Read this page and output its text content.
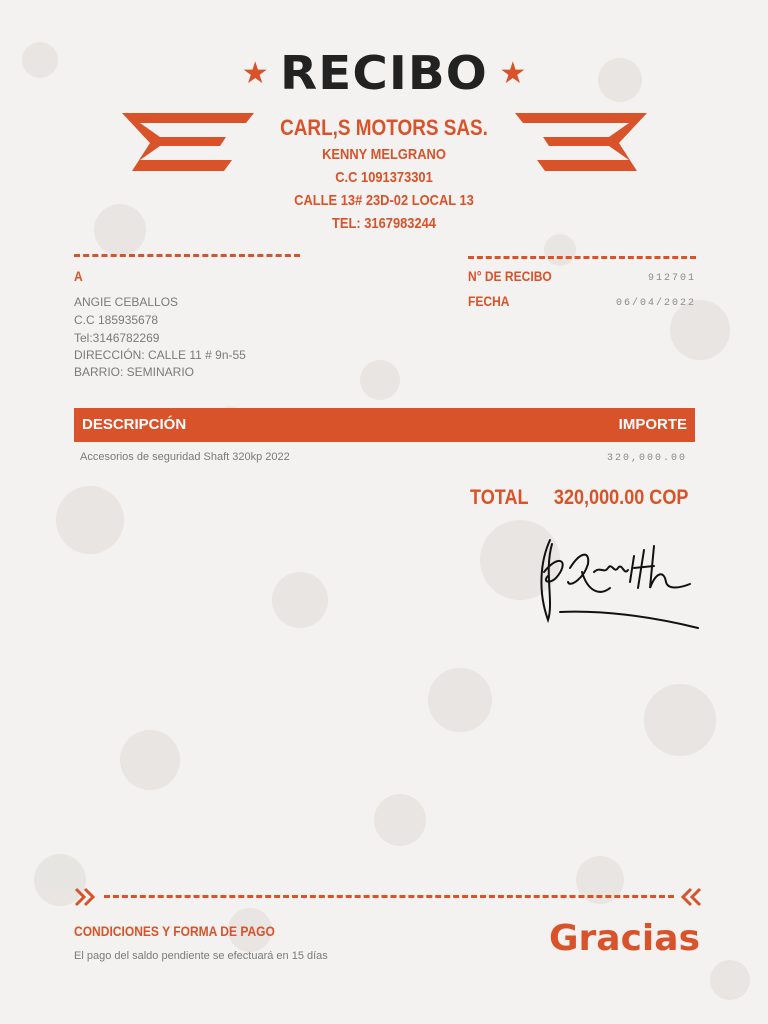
★ RECIBO ★
CARL,S MOTORS SAS.
KENNY MELGRANO
C.C 1091373301
CALLE 13# 23D-02 LOCAL 13
TEL: 3167983244
A
ANGIE CEBALLOS
C.C 185935678
Tel:3146782269
DIRECCIÓN: CALLE 11 # 9n-55
BARRIO: SEMINARIO
N° DE RECIBO	912701
FECHA	06/04/2022
DESCRIPCIÓN	IMPORTE
Accesorios de seguridad Shaft 320kp 2022	320,000.00
TOTAL 320,000.00 COP
CONDICIONES Y FORMA DE PAGO
El pago del saldo pendiente se efectuará en 15 días	Gracias
